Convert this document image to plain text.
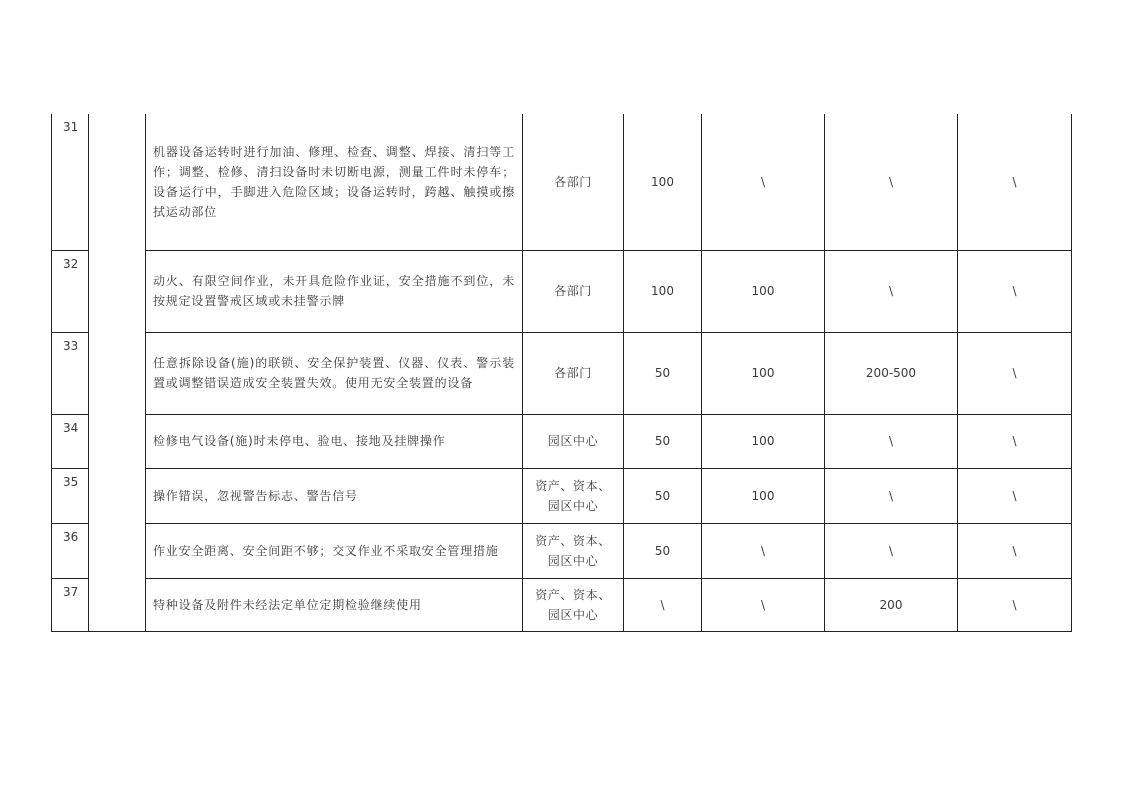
31		机器设备运转时进行加油、修理、检查、调整、焊接、清扫等工作；调整、检修、清扫设备时未切断电源，测量工件时未停车；设备运行中，手脚进入危险区域；设备运转时，跨越、触摸或擦拭运动部位	各部门	100	\	\	\
32		动火、有限空间作业，未开具危险作业证，安全措施不到位，未按规定设置警戒区域或未挂警示牌	各部门	100	100	\	\
33		任意拆除设备(施)的联锁、安全保护装置、仪器、仪表、警示装置或调整错误造成安全装置失效。使用无安全装置的设备	各部门	50	100	200-500	\
34		检修电气设备(施)时未停电、验电、接地及挂牌操作	园区中心	50	100	\	\
35		操作错误，忽视警告标志、警告信号	资产、资本、园区中心	50	100	\	\
36		作业安全距离、安全间距不够；交叉作业不采取安全管理措施	资产、资本、园区中心	50	\	\	\
37		特种设备及附件未经法定单位定期检验继续使用	资产、资本、园区中心	\	\	200	\
